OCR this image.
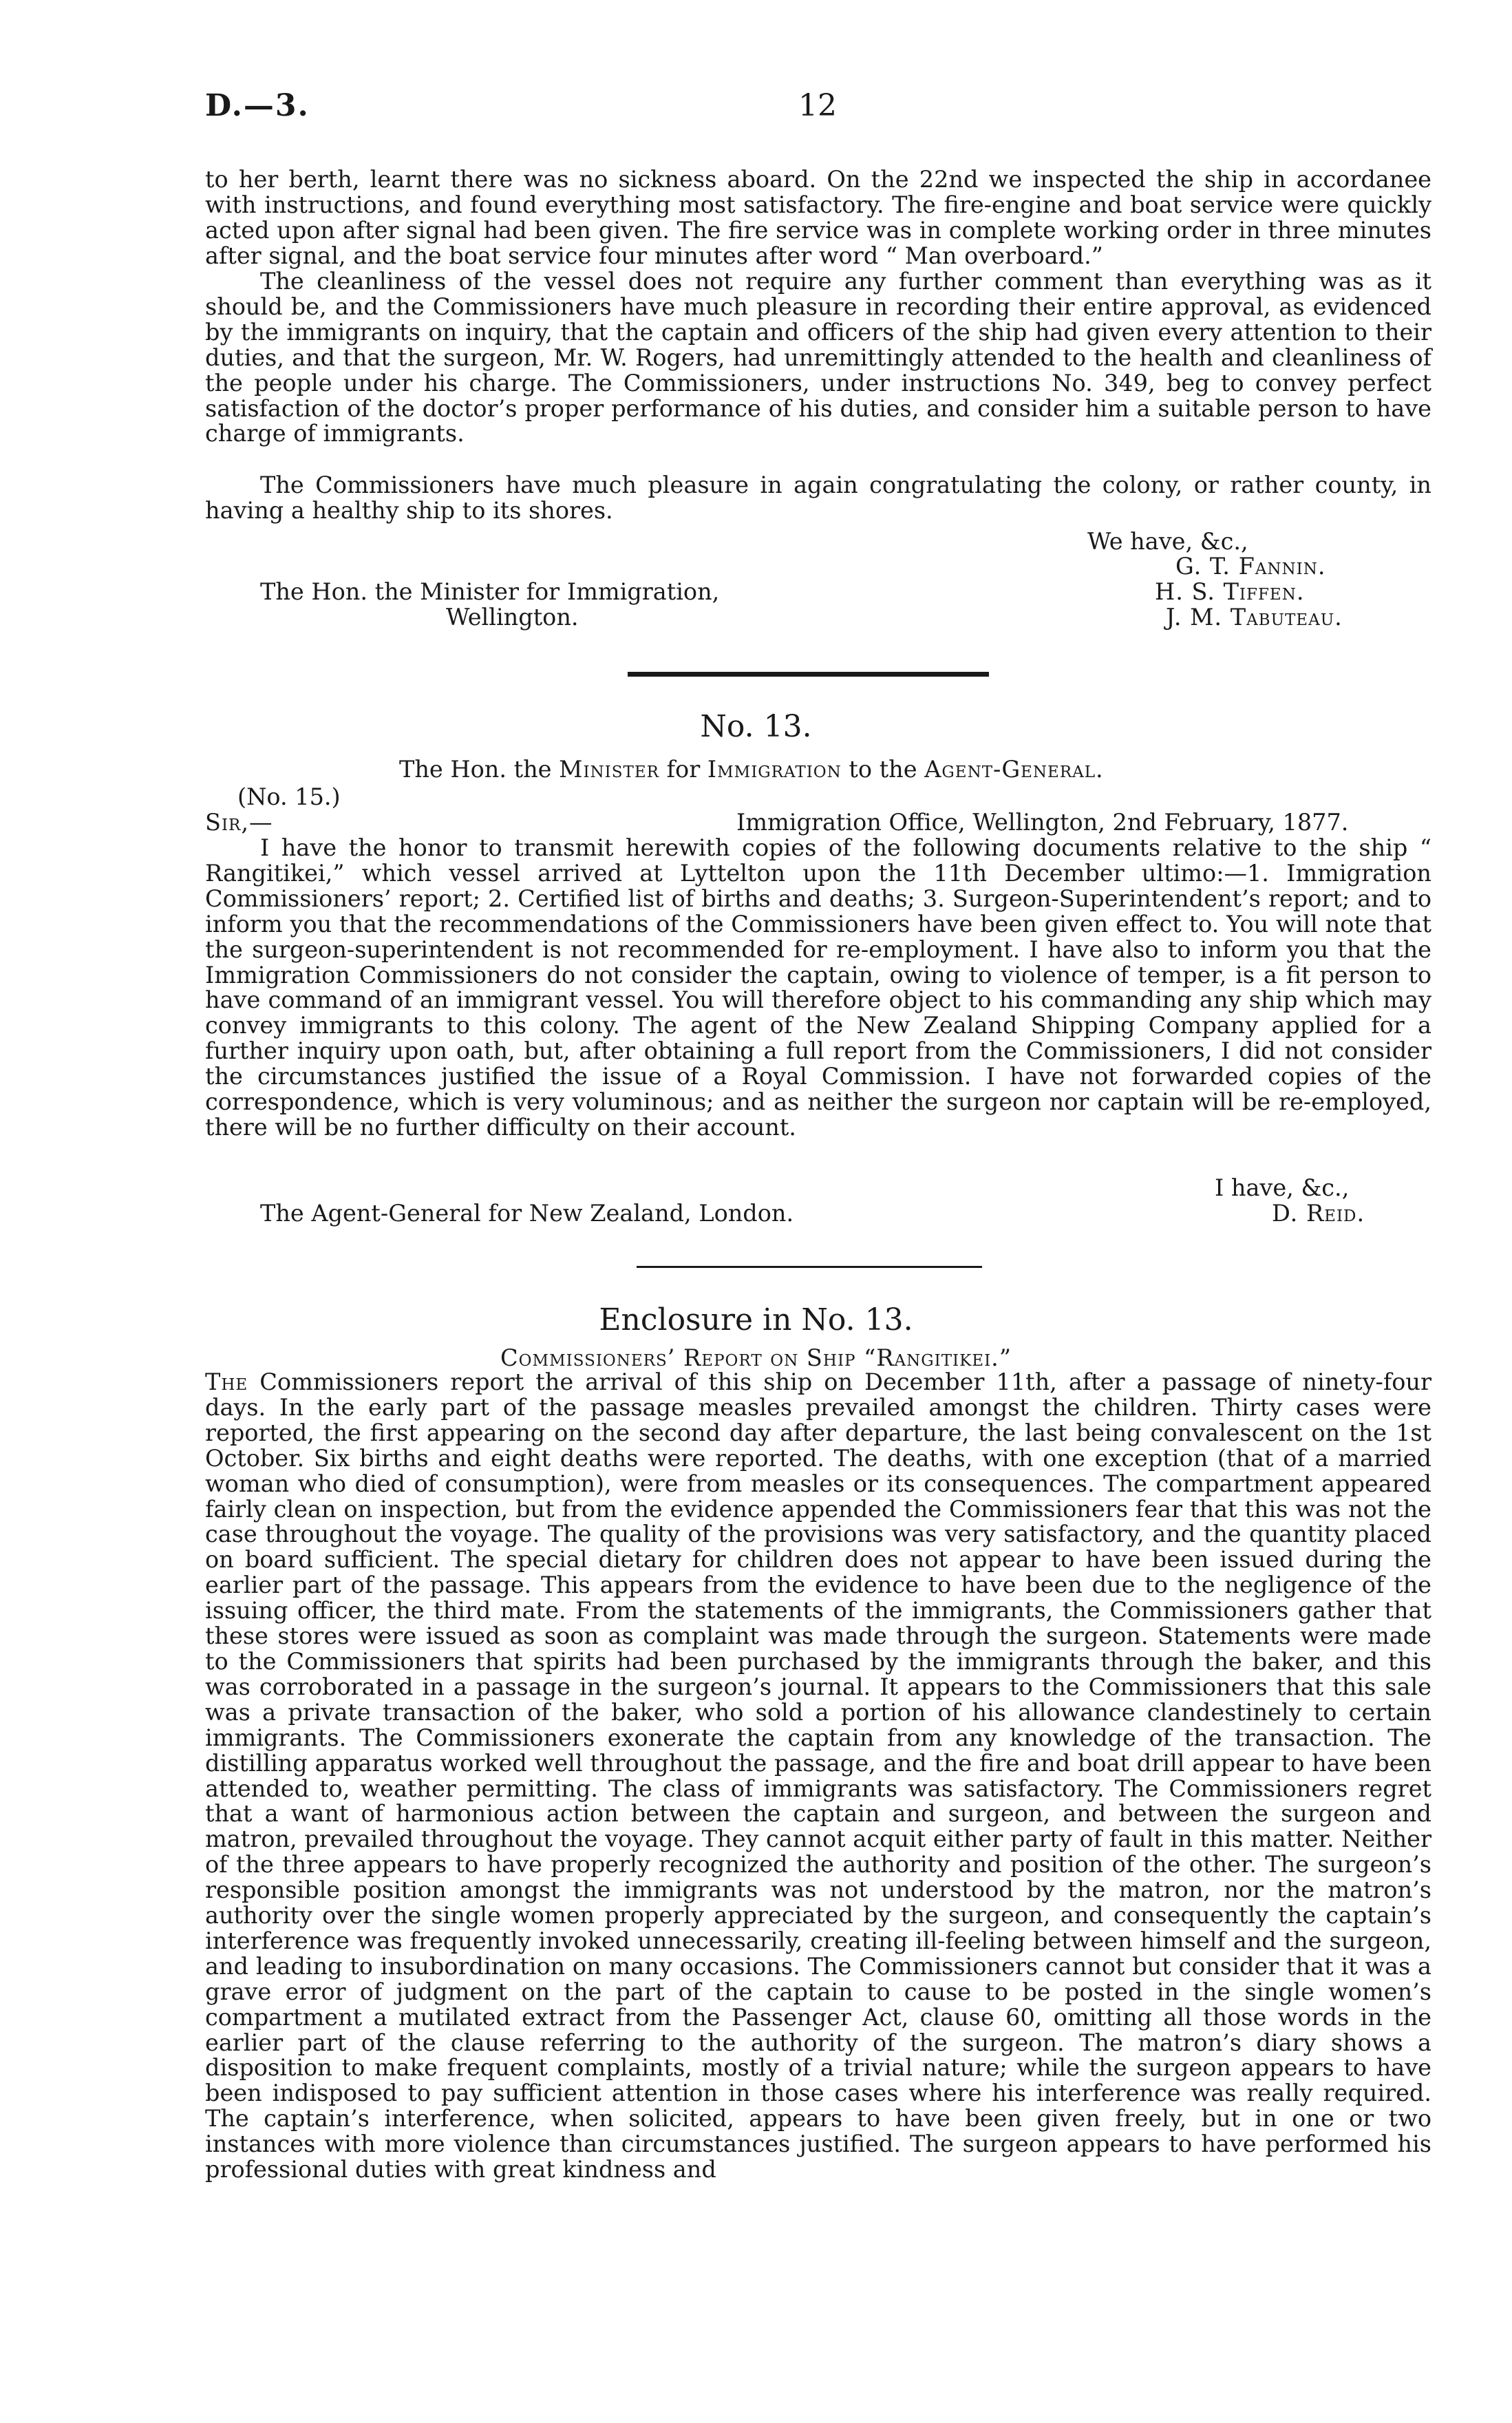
D.—3.	12

to her berth, learnt there was no sickness aboard. On the 22nd we inspected the ship in accordanee with instructions, and found everything most satisfactory. The fire-engine and boat service were quickly acted upon after signal had been given. The fire service was in complete working order in three minutes after signal, and the boat service four minutes after word “ Man overboard.”

The cleanliness of the vessel does not require any further comment than everything was as it should be, and the Commissioners have much pleasure in recording their entire approval, as evidenced by the immigrants on inquiry, that the captain and officers of the ship had given every attention to their duties, and that the surgeon, Mr. W. Rogers, had unremittingly attended to the health and cleanliness of the people under his charge. The Commissioners, under instructions No. 349, beg to convey perfect satisfaction of the doctor’s proper performance of his duties, and consider him a suitable person to have charge of immigrants.

The Commissioners have much pleasure in again congratulating the colony, or rather county, in having a healthy ship to its shores.

We have, &c.,
The Hon. the Minister for Immigration,
Wellington.
G. T. Fannin.
H. S. Tiffen.
J. M. Tabuteau.
No. 13.
The Hon. the Minister for Immigration to the Agent-General.
(No. 15.)
Sir,—	Immigration Office, Wellington, 2nd February, 1877.

I have the honor to transmit herewith copies of the following documents relative to the ship “ Rangitikei,” which vessel arrived at Lyttelton upon the 11th December ultimo:—1. Immigration Commissioners’ report; 2. Certified list of births and deaths; 3. Surgeon-Superintendent’s report; and to inform you that the recommendations of the Commissioners have been given effect to. You will note that the surgeon-superintendent is not recommended for re-employment. I have also to inform you that the Immigration Commissioners do not consider the captain, owing to violence of temper, is a fit person to have command of an immigrant vessel. You will therefore object to his commanding any ship which may convey immigrants to this colony. The agent of the New Zealand Shipping Company applied for a further inquiry upon oath, but, after obtaining a full report from the Commissioners, I did not consider the circumstances justified the issue of a Royal Commission. I have not forwarded copies of the correspondence, which is very voluminous; and as neither the surgeon nor captain will be re-employed, there will be no further difficulty on their account.

I have, &c.,
The Agent-General for New Zealand, London.	D. Reid.
Enclosure in No. 13.
Commissioners’ Report on Ship “Rangitikei.”

The Commissioners report the arrival of this ship on December 11th, after a passage of ninety-four days. In the early part of the passage measles prevailed amongst the children. Thirty cases were reported, the first appearing on the second day after departure, the last being convalescent on the 1st October. Six births and eight deaths were reported. The deaths, with one exception (that of a married woman who died of consumption), were from measles or its consequences. The compartment appeared fairly clean on inspection, but from the evidence appended the Commissioners fear that this was not the case throughout the voyage. The quality of the provisions was very satisfactory, and the quantity placed on board sufficient. The special dietary for children does not appear to have been issued during the earlier part of the passage. This appears from the evidence to have been due to the negligence of the issuing officer, the third mate. From the statements of the immigrants, the Commissioners gather that these stores were issued as soon as complaint was made through the surgeon. Statements were made to the Commissioners that spirits had been purchased by the immigrants through the baker, and this was corroborated in a passage in the surgeon’s journal. It appears to the Commissioners that this sale was a private transaction of the baker, who sold a portion of his allowance clandestinely to certain immigrants. The Commissioners exonerate the captain from any knowledge of the transaction. The distilling apparatus worked well throughout the passage, and the fire and boat drill appear to have been attended to, weather permitting. The class of immigrants was satisfactory. The Commissioners regret that a want of harmonious action between the captain and surgeon, and between the surgeon and matron, prevailed throughout the voyage. They cannot acquit either party of fault in this matter. Neither of the three appears to have properly recognized the authority and position of the other. The surgeon’s responsible position amongst the immigrants was not understood by the matron, nor the matron’s authority over the single women properly appreciated by the surgeon, and consequently the captain’s interference was frequently invoked unnecessarily, creating ill-feeling between himself and the surgeon, and leading to insubordination on many occasions. The Commissioners cannot but consider that it was a grave error of judgment on the part of the captain to cause to be posted in the single women’s compartment a mutilated extract from the Passenger Act, clause 60, omitting all those words in the earlier part of the clause referring to the authority of the surgeon. The matron’s diary shows a disposition to make frequent complaints, mostly of a trivial nature; while the surgeon appears to have been indisposed to pay sufficient attention in those cases where his interference was really required. The captain’s interference, when solicited, appears to have been given freely, but in one or two instances with more violence than circumstances justified. The surgeon appears to have performed his professional duties with great kindness and
